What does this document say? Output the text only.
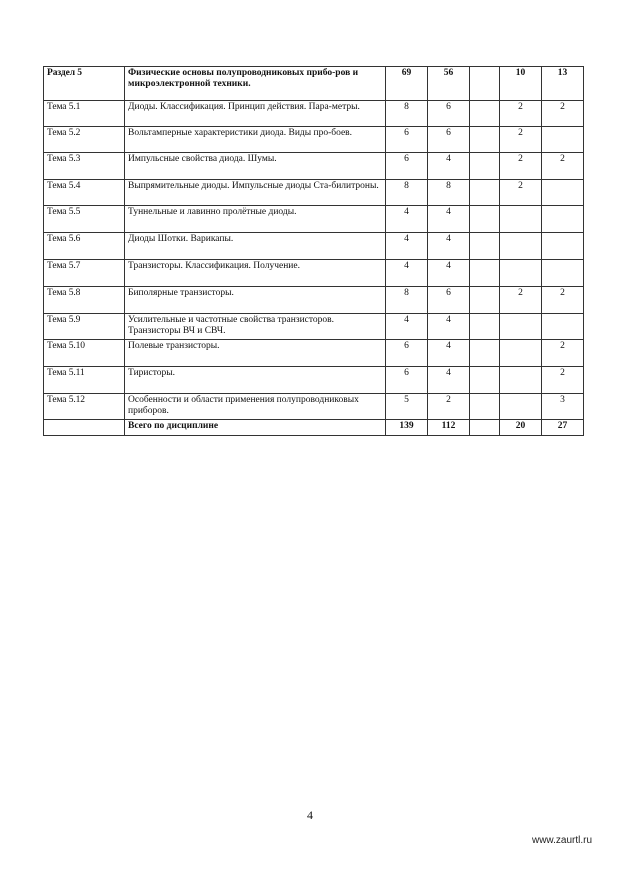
Раздел 5	Физические основы полупроводниковых прибо-ров и микроэлектронной техники.	69	56		10	13
Тема 5.1	Диоды. Классификация. Принцип действия. Пара-метры.	8	6		2	2
Тема 5.2	Вольтамперные характеристики диода. Виды про-боев.	6	6		2	
Тема 5.3	Импульсные свойства диода. Шумы.	6	4		2	2
Тема 5.4	Выпрямительные диоды. Импульсные диоды Ста-билитроны.	8	8		2	
Тема 5.5	Туннельные и лавинно пролётные диоды.	4	4			
Тема 5.6	Диоды Шотки. Варикапы.	4	4			
Тема 5.7	Транзисторы. Классификация. Получение.	4	4			
Тема 5.8	Биполярные транзисторы.	8	6		2	2
Тема 5.9	Усилительные и частотные свойства транзисторов. Транзисторы ВЧ и СВЧ.	4	4			
Тема 5.10	Полевые транзисторы.	6	4			2
Тема 5.11	Тиристоры.	6	4			2
Тема 5.12	Особенности и области применения полупроводниковых приборов.	5	2			3
	Всего по дисциплине	139	112		20	27
4
www.zaurtl.ru
